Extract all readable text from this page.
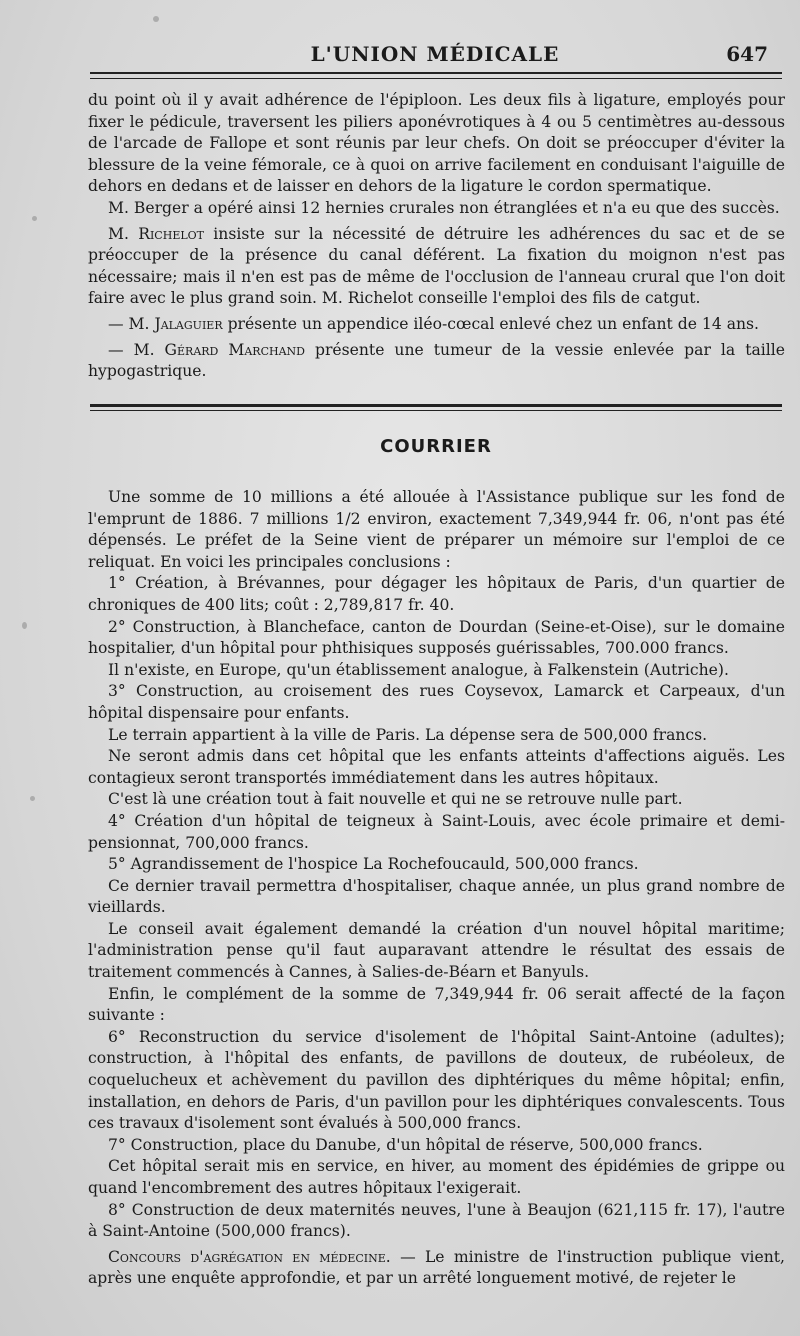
L'UNION MÉDICALE	647

du point où il y avait adhérence de l'épiploon. Les deux fils à ligature, employés pour fixer le pédicule, traversent les piliers aponévrotiques à 4 ou 5 centimètres au-dessous de l'arcade de Fallope et sont réunis par leur chefs. On doit se préoccuper d'éviter la blessure de la veine fémorale, ce à quoi on arrive facilement en conduisant l'aiguille de dehors en dedans et de laisser en dehors de la ligature le cordon spermatique.

M. Berger a opéré ainsi 12 hernies crurales non étranglées et n'a eu que des succès.

M. Richelot insiste sur la nécessité de détruire les adhérences du sac et de se préoccuper de la présence du canal déférent. La fixation du moignon n'est pas nécessaire; mais il n'en est pas de même de l'occlusion de l'anneau crural que l'on doit faire avec le plus grand soin. M. Richelot conseille l'emploi des fils de catgut.

— M. Jalaguier présente un appendice iléo-cœcal enlevé chez un enfant de 14 ans.

— M. Gérard Marchand présente une tumeur de la vessie enlevée par la taille hypogastrique.

COURRIER

Une somme de 10 millions a été allouée à l'Assistance publique sur les fond de l'emprunt de 1886. 7 millions 1/2 environ, exactement 7,349,944 fr. 06, n'ont pas été dépensés. Le préfet de la Seine vient de préparer un mémoire sur l'emploi de ce reliquat. En voici les principales conclusions :

1° Création, à Brévannes, pour dégager les hôpitaux de Paris, d'un quartier de chroniques de 400 lits; coût : 2,789,817 fr. 40.

2° Construction, à Blancheface, canton de Dourdan (Seine-et-Oise), sur le domaine hospitalier, d'un hôpital pour phthisiques supposés guérissables, 700.000 francs.

Il n'existe, en Europe, qu'un établissement analogue, à Falkenstein (Autriche).

3° Construction, au croisement des rues Coysevox, Lamarck et Carpeaux, d'un hôpital dispensaire pour enfants.

Le terrain appartient à la ville de Paris. La dépense sera de 500,000 francs.

Ne seront admis dans cet hôpital que les enfants atteints d'affections aiguës. Les contagieux seront transportés immédiatement dans les autres hôpitaux.

C'est là une création tout à fait nouvelle et qui ne se retrouve nulle part.

4° Création d'un hôpital de teigneux à Saint-Louis, avec école primaire et demi-pensionnat, 700,000 francs.

5° Agrandissement de l'hospice La Rochefoucauld, 500,000 francs.

Ce dernier travail permettra d'hospitaliser, chaque année, un plus grand nombre de vieillards.

Le conseil avait également demandé la création d'un nouvel hôpital maritime; l'administration pense qu'il faut auparavant attendre le résultat des essais de traitement commencés à Cannes, à Salies-de-Béarn et Banyuls.

Enfin, le complément de la somme de 7,349,944 fr. 06 serait affecté de la façon suivante :

6° Reconstruction du service d'isolement de l'hôpital Saint-Antoine (adultes); construction, à l'hôpital des enfants, de pavillons de douteux, de rubéoleux, de coquelucheux et achèvement du pavillon des diphtériques du même hôpital; enfin, installation, en dehors de Paris, d'un pavillon pour les diphtériques convalescents. Tous ces travaux d'isolement sont évalués à 500,000 francs.

7° Construction, place du Danube, d'un hôpital de réserve, 500,000 francs.

Cet hôpital serait mis en service, en hiver, au moment des épidémies de grippe ou quand l'encombrement des autres hôpitaux l'exigerait.

8° Construction de deux maternités neuves, l'une à Beaujon (621,115 fr. 17), l'autre à Saint-Antoine (500,000 francs).

Concours d'agrégation en médecine. — Le ministre de l'instruction publique vient, après une enquête approfondie, et par un arrêté longuement motivé, de rejeter le
